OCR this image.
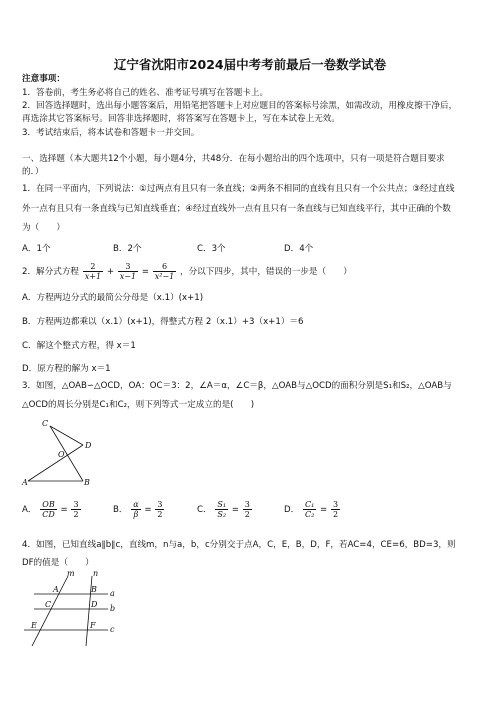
辽宁省沈阳市2024届中考考前最后一卷数学试卷
注意事项：
1．答卷前，考生务必将自己的姓名、准考证号填写在答题卡上。
2．回答选择题时，选出每小题答案后，用铅笔把答题卡上对应题目的答案标号涂黑，如需改动，用橡皮擦干净后，
再选涂其它答案标号。回答非选择题时，将答案写在答题卡上，写在本试卷上无效。
3．考试结束后，将本试卷和答题卡一并交回。
一、选择题（本大题共12个小题，每小题4分，共48分．在每小题给出的四个选项中，只有一项是符合题目要求
的．）
1．在同一平面内，下列说法：①过两点有且只有一条直线；②两条不相同的直线有且只有一个公共点；③经过直线
外一点有且只有一条直线与已知直线垂直；④经过直线外一点有且只有一条直线与已知直线平行，其中正确的个数
为（　　）
A．1个	B．2个	C．3个	D．4个
2．解分式方程 $\frac{2}{x+1} + \frac{3}{x-1} = \frac{6}{\text{x²−1}}$ ，分以下四步，其中，错误的一步是（　　）
A．方程两边分式的最简公分母是（x.1）(x+1)
B．方程两边都乘以（x.1）(x+1)，得整式方程 2（x.1）+3（x+1）＝6
C．解这个整式方程，得 x＝1
D．原方程的解为 x＝1
3．如图，△OAB∽△OCD，OA：OC＝3：2，∠A＝α，∠C＝β，△OAB与△OCD的面积分别是S₁和S₂，△OAB与
△OCD的周长分别是C₁和C₂，则下列等式一定成立的是(　　)
C
D
O
A	B
A． $\frac{OB}{CD} = \frac{3}{2}$	B． $\frac{\alpha}{\beta} = \frac{3}{2}$	C． $\frac{\text{S₁}}{\text{S₂}} = \frac{3}{2}$	D． $\frac{\text{C₁}}{\text{C₂}} = \frac{3}{2}$
4．如图，已知直线a∥b∥c，直线m，n与a，b，c分别交于点A，C，E，B，D，F，若AC=4，CE=6，BD=3，则
DF的值是（　　）
m n
A	B
C	D
E	F
a
b
c
